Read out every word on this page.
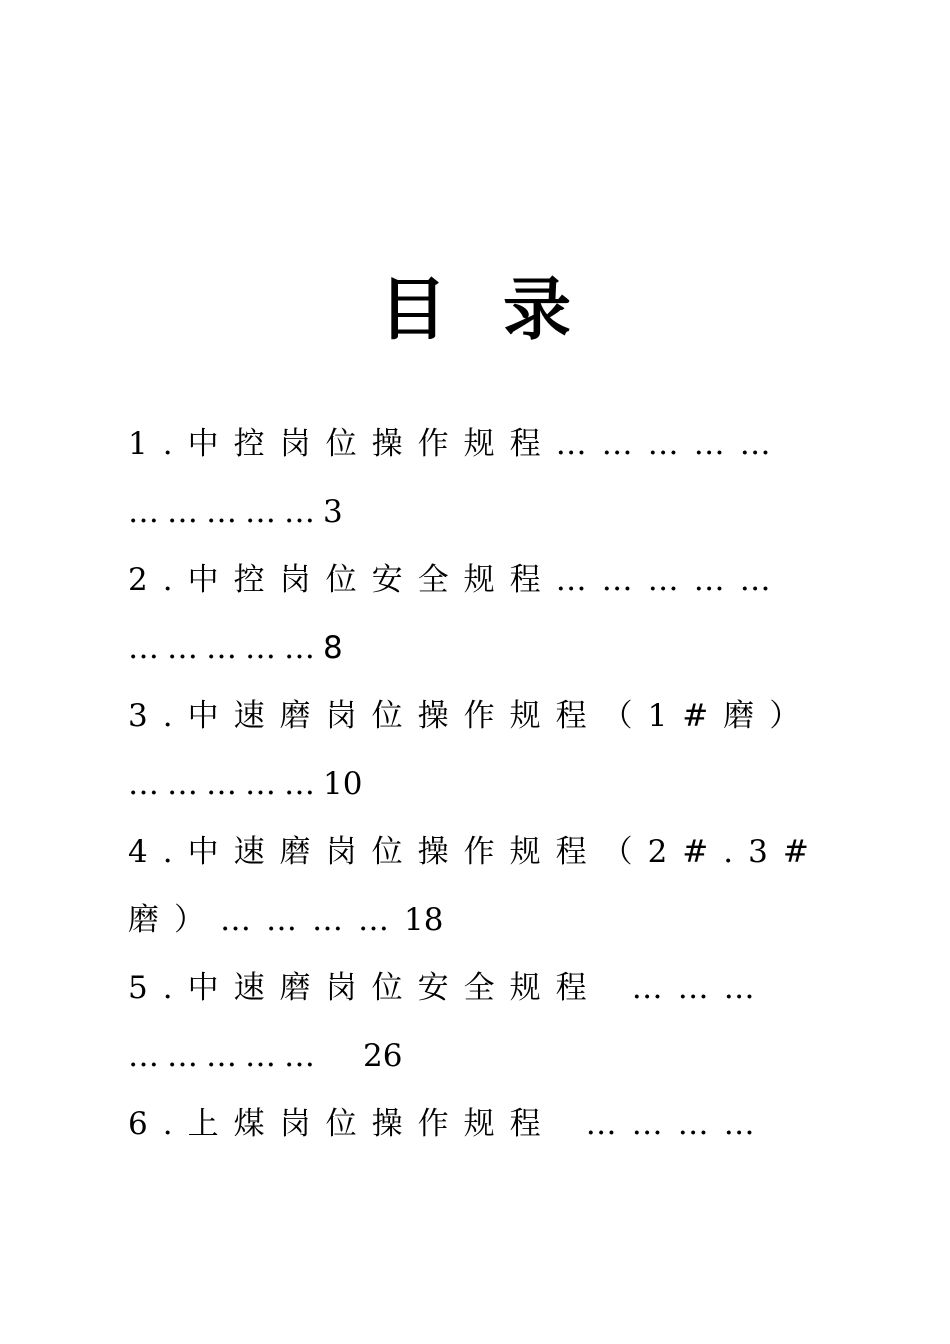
目 录
1.中控岗位操作规程……………
……………3
2.中控岗位安全规程……………
……………8
3.中速磨岗位操作规程（1#磨）
……………10
4.中速磨岗位操作规程（2#.3#
磨）…………18
5.中速磨岗位安全规程 ………
…………… 26
6.上煤岗位操作规程 …………
